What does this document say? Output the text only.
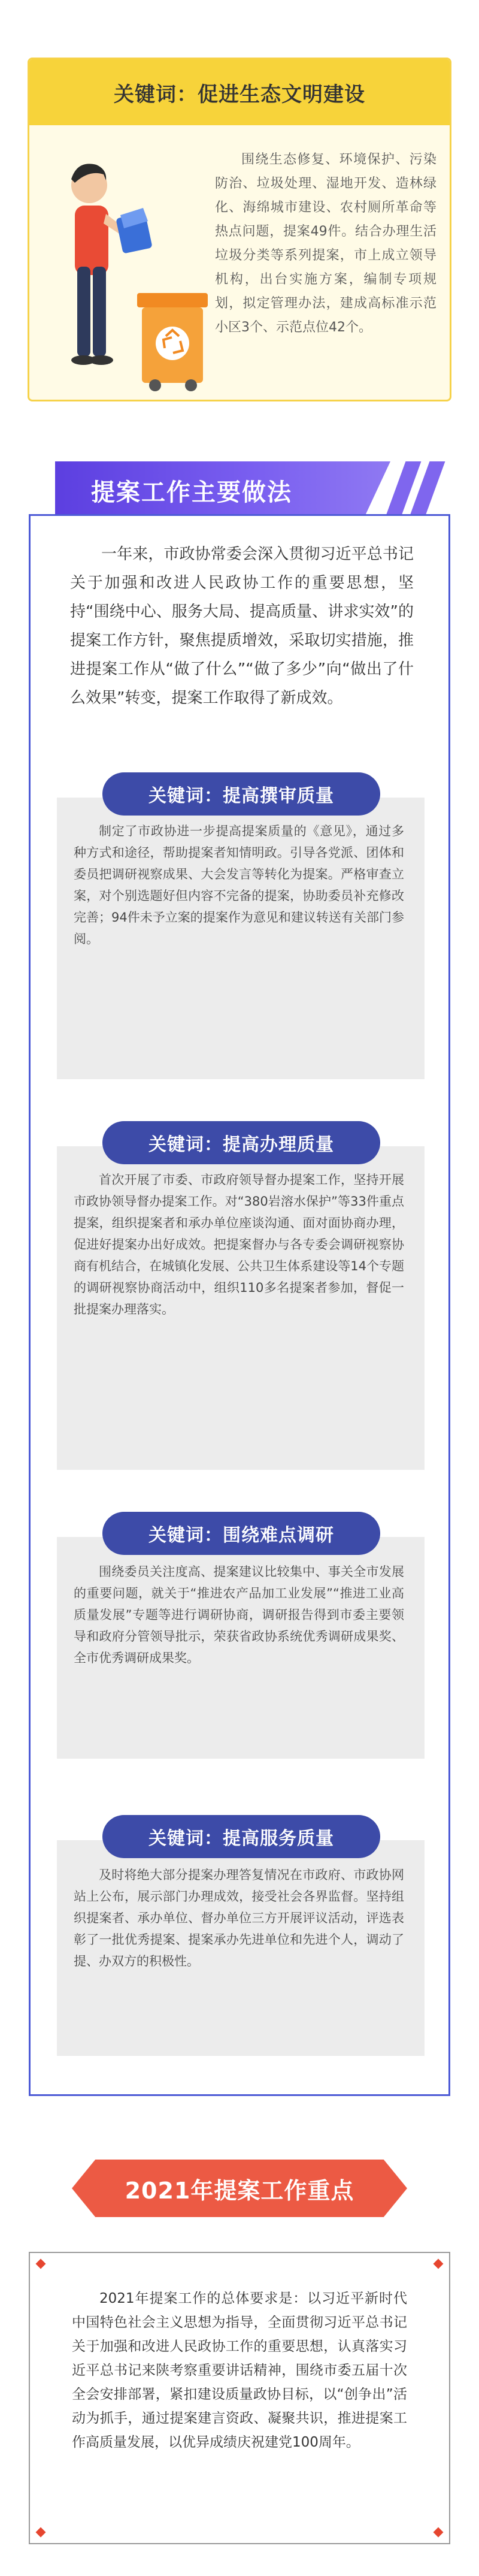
关键词：促进生态文明建设

围绕生态修复、环境保护、污染防治、垃圾处理、湿地开发、造林绿化、海绵城市建设、农村厕所革命等热点问题，提案49件。结合办理生活垃圾分类等系列提案，市上成立领导机构，出台实施方案，编制专项规划，拟定管理办法，建成高标准示范小区3个、示范点位42个。

提案工作主要做法

一年来，市政协常委会深入贯彻习近平总书记关于加强和改进人民政协工作的重要思想，坚持“围绕中心、服务大局、提高质量、讲求实效”的提案工作方针，聚焦提质增效，采取切实措施，推进提案工作从“做了什么”“做了多少”向“做出了什么效果”转变，提案工作取得了新成效。

关键词：提高撰审质量

制定了市政协进一步提高提案质量的《意见》，通过多种方式和途径，帮助提案者知情明政。引导各党派、团体和委员把调研视察成果、大会发言等转化为提案。严格审查立案，对个别选题好但内容不完备的提案，协助委员补充修改完善；94件未予立案的提案作为意见和建议转送有关部门参阅。

关键词：提高办理质量

首次开展了市委、市政府领导督办提案工作，坚持开展市政协领导督办提案工作。对“380岩溶水保护”等33件重点提案，组织提案者和承办单位座谈沟通、面对面协商办理，促进好提案办出好成效。把提案督办与各专委会调研视察协商有机结合，在城镇化发展、公共卫生体系建设等14个专题的调研视察协商活动中，组织110多名提案者参加，督促一批提案办理落实。

关键词：围绕难点调研

围绕委员关注度高、提案建议比较集中、事关全市发展的重要问题，就关于“推进农产品加工业发展”“推进工业高质量发展”专题等进行调研协商，调研报告得到市委主要领导和政府分管领导批示，荣获省政协系统优秀调研成果奖、全市优秀调研成果奖。

关键词：提高服务质量

及时将绝大部分提案办理答复情况在市政府、市政协网站上公布，展示部门办理成效，接受社会各界监督。坚持组织提案者、承办单位、督办单位三方开展评议活动，评选表彰了一批优秀提案、提案承办先进单位和先进个人，调动了提、办双方的积极性。

2021年提案工作重点

2021年提案工作的总体要求是：以习近平新时代中国特色社会主义思想为指导，全面贯彻习近平总书记关于加强和改进人民政协工作的重要思想，认真落实习近平总书记来陕考察重要讲话精神，围绕市委五届十次全会安排部署，紧扣建设质量政协目标，以“创争出”活动为抓手，通过提案建言资政、凝聚共识，推进提案工作高质量发展，以优异成绩庆祝建党100周年。
